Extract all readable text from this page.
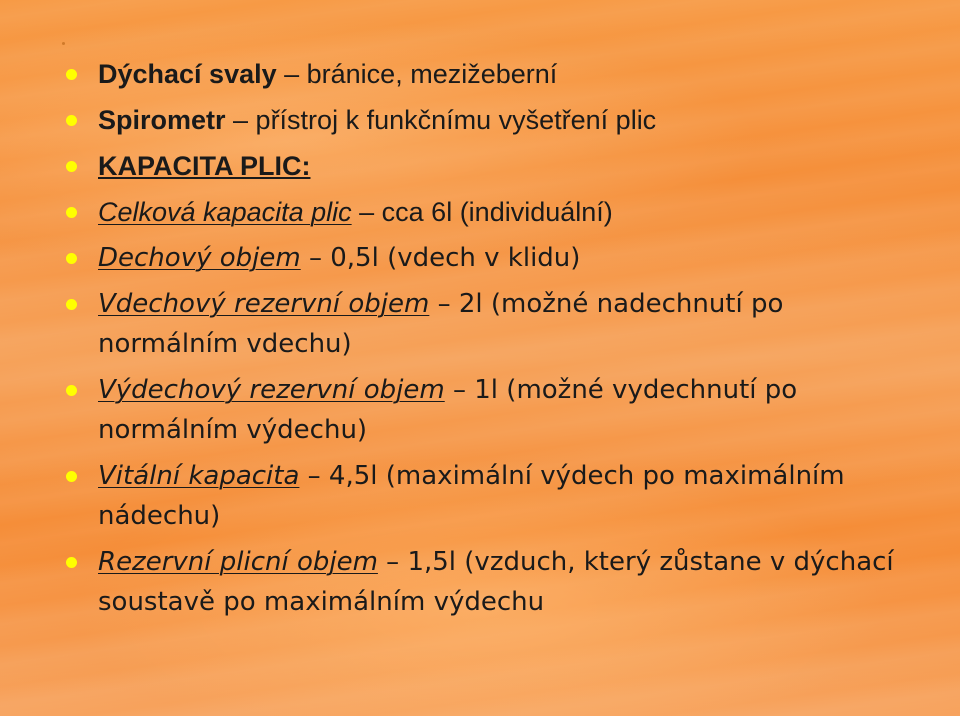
Dýchací svaly – bránice, mezižeberní
Spirometr – přístroj k funkčnímu vyšetření plic
KAPACITA PLIC:
Celková kapacita plic – cca 6l (individuální)
Dechový objem – 0,5l (vdech v klidu)
Vdechový rezervní objem – 2l (možné nadechnutí po normálním vdechu)
Výdechový rezervní objem – 1l (možné vydechnutí po normálním výdechu)
Vitální kapacita – 4,5l (maximální výdech po maximálním nádechu)
Rezervní plicní objem – 1,5l (vzduch, který zůstane v dýchací soustavě po maximálním výdechu
